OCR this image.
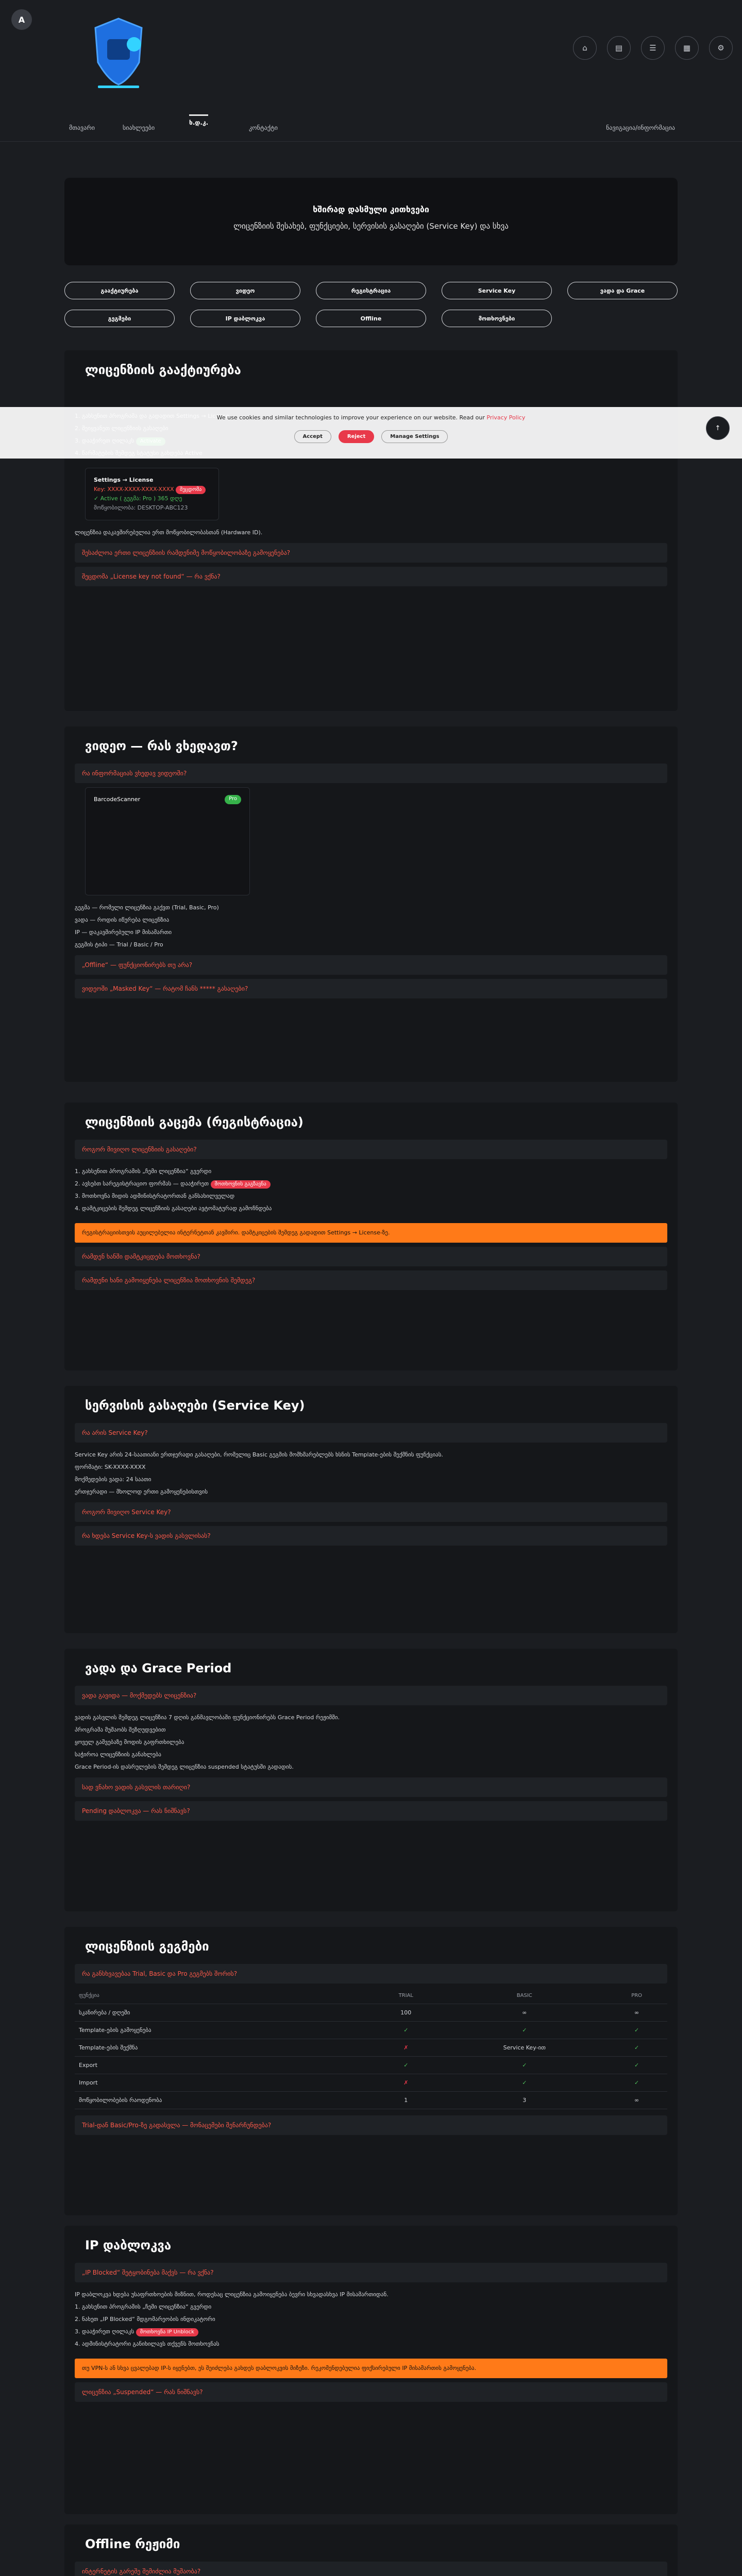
A
⌂	▤	☰	▦	⚙
მთავარი	სიახლეები
ხ.დ.კ.
კონტაქტი	ნავიგაცია/ინფორმაცია
ხშირად დასმული კითხვები

ლიცენზიის შესახებ, ფუნქციები, სერვისის გასაღები (Service Key) და სხვა

გააქტიურება	ვიდეო	რეგისტრაცია	Service Key	ვადა და Grace
გეგმები	IP დაბლოკვა	Offline	მოთხოვნები
ლიცენზიის გააქტიურება
Settings → License
Key: XXXX-XXXX-XXXX-XXXX შეცდომა
✓ Active ( გეგმა: Pro ) 365 დღე
მოწყობილობა: DESKTOP-ABC123
ლიცენზია დაკავშირებულია ერთ მოწყობილობასთან (Hardware ID).
შესაძლოა ერთი ლიცენზიის რამდენიმე მოწყობილობაზე გამოყენება?
შეცდომა „License key not found“ — რა ვქნა?

We use cookies and similar technologies to improve your experience on our website. Read our Privacy Policy

Accept	Reject	Manage Settings
↑
ვიდეო — რას ვხედავთ?
რა ინფორმაციას ვხედავ ვიდეოში?
BarcodeScanner	Pro
გეგმა — რომელი ლიცენზია გაქვთ (Trial, Basic, Pro)
ვადა — როდის იწურება ლიცენზია
IP — დაკავშირებული IP მისამართი
გეგმის ტიპი — Trial / Basic / Pro
„Offline“ — ფუნქციონირებს თუ არა?
ვიდეოში „Masked Key“ — რატომ ჩანს ***** გასაღები?
ლიცენზიის გაცემა (რეგისტრაცია)
როგორ მივიღო ლიცენზიის გასაღები?
1. გახსენით პროგრამის „ჩემი ლიცენზია“ გვერდი
2. ავსებთ სარეგისტრაციო ფორმას — დააჭირეთ მოთხოვნის გაგზავნა
3. მოთხოვნა მიდის ადმინისტრატორთან განსახილველად
4. დამტკიცების შემდეგ ლიცენზიის გასაღები ავტომატურად გამოჩნდება
რეგისტრაციისთვის აუცილებელია ინტერნეტთან კავშირი. დამტკიცების შემდეგ გადადით Settings → License-ზე.
რამდენ ხანში დამტკიცდება მოთხოვნა?
რამდენი ხანი გამოიყენება ლიცენზია მოთხოვნის შემდეგ?
სერვისის გასაღები (Service Key)
რა არის Service Key?
Service Key არის 24-საათიანი ერთჯერადი გასაღები, რომელიც Basic გეგმის მომხმარებლებს ხსნის Template-ების შექმნის ფუნქციას.
ფორმატი: SK-XXXX-XXXX
მოქმედების ვადა: 24 საათი
ერთჯერადი — მხოლოდ ერთი გამოყენებისთვის
როგორ მივიღო Service Key?
რა ხდება Service Key-ს ვადის გასვლისას?
ვადა და Grace Period
ვადა გავიდა — მოქმედებს ლიცენზია?
ვადის გასვლის შემდეგ ლიცენზია 7 დღის განმავლობაში ფუნქციონირებს Grace Period რეჟიმში.
პროგრამა მუშაობს შეზღუდვებით
ყოველ გაშვებაზე მოდის გაფრთხილება
საჭიროა ლიცენზიის განახლება
Grace Period-ის დასრულების შემდეგ ლიცენზია suspended სტატუსში გადადის.
სად ვნახო ვადის გასვლის თარიღი?
Pending დაბლოკვა — რას ნიშნავს?
ლიცენზიის გეგმები
რა განსხვავებაა Trial, Basic და Pro გეგმებს შორის?
ფუნქცია	TRIAL	BASIC	PRO
სკანირება / დღეში	100	∞	∞
Template-ების გამოყენება	✓	✓	✓
Template-ების შექმნა	✗	Service Key-ით	✓
Export	✓	✓	✓
Import	✗	✓	✓
მოწყობილობების რაოდენობა	1	3	∞
Trial-დან Basic/Pro-ზე გადასვლა — მონაცემები შენარჩუნდება?
IP დაბლოკვა
„IP Blocked“ შეტყობინება მაქვს — რა ვქნა?
IP დაბლოკვა ხდება უსაფრთხოების მიზნით, როდესაც ლიცენზია გამოიყენება ბევრი სხვადასხვა IP მისამართიდან.
1. გახსენით პროგრამის „ჩემი ლიცენზია“ გვერდი
2. ნახეთ „IP Blocked“ მდგომარეობის ინდიკატორი
3. დააჭირეთ ღილაკს მოთხოვნა IP Unblock
4. ადმინისტრატორი განიხილავს თქვენს მოთხოვნას
თუ VPN-ს ან სხვა ცვალებად IP-ს იყენებთ, ეს შეიძლება გახდეს დაბლოკვის მიზეზი. რეკომენდებულია ფიქსირებული IP მისამართის გამოყენება.
ლიცენზია „Suspended“ — რას ნიშნავს?
Offline რეჟიმი
ინტერნეტის გარეშე შემიძლია მუშაობა?
